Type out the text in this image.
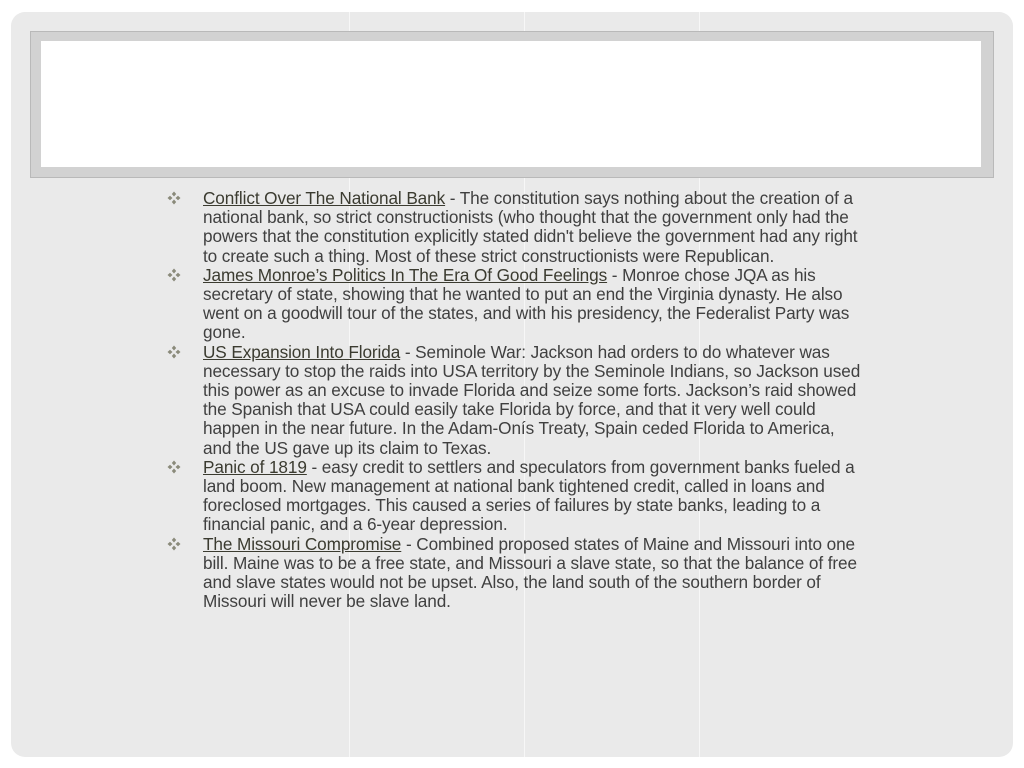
Conflict Over The National Bank - The constitution says nothing about the creation of a national bank, so strict constructionists (who thought that the government only had the powers that the constitution explicitly stated didn't believe the government had any right to create such a thing. Most of these strict constructionists were Republican.
James Monroe’s Politics In The Era Of Good Feelings - Monroe chose JQA as his secretary of state, showing that he wanted to put an end the Virginia dynasty. He also went on a goodwill tour of the states, and with his presidency, the Federalist Party was gone.
US Expansion Into Florida - Seminole War: Jackson had orders to do whatever was necessary to stop the raids into USA territory by the Seminole Indians, so Jackson used this power as an excuse to invade Florida and seize some forts. Jackson’s raid showed the Spanish that USA could easily take Florida by force, and that it very well could happen in the near future. In the Adam-Onís Treaty, Spain ceded Florida to America, and the US gave up its claim to Texas.
Panic of 1819 - easy credit to settlers and speculators from government banks fueled a land boom. New management at national bank tightened credit, called in loans and foreclosed mortgages. This caused a series of failures by state banks, leading to a financial panic, and a 6-year depression.
The Missouri Compromise - Combined proposed states of Maine and Missouri into one bill. Maine was to be a free state, and Missouri a slave state, so that the balance of free and slave states would not be upset. Also, the land south of the southern border of Missouri will never be slave land.
